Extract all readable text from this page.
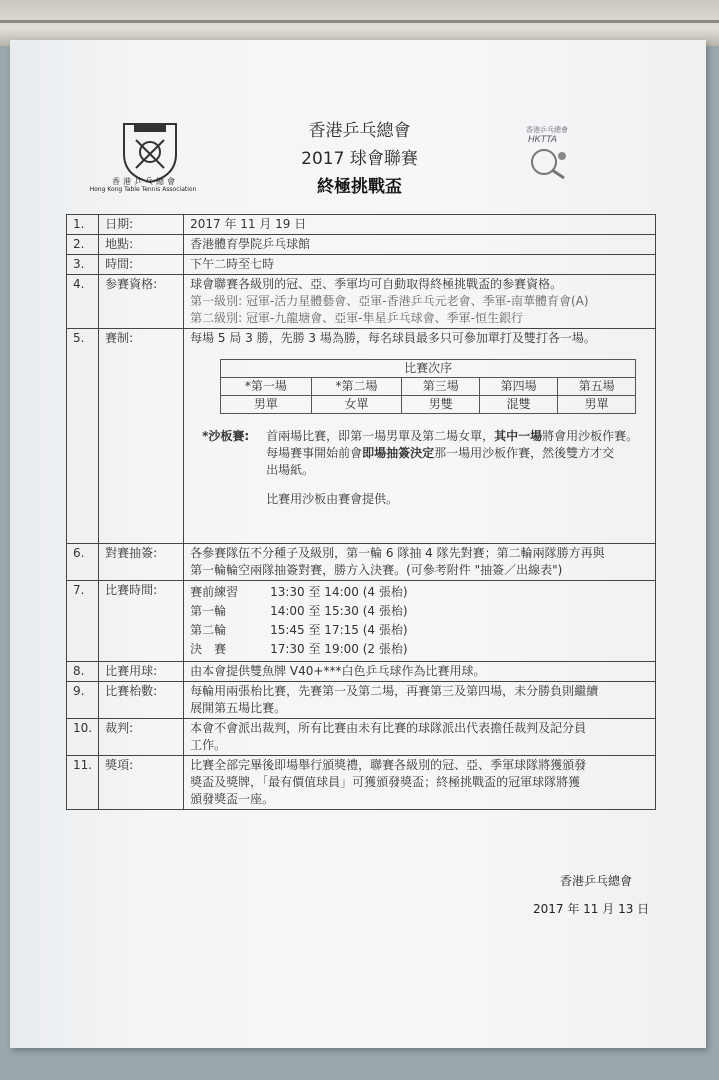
香港乒乓總會
Hong Kong Table Tennis Association
香港乒乓總會
HKTTA
香港乒乓總會
2017 球會聯賽
終極挑戰盃
1.	日期:	2017 年 11 月 19 日
2.	地點:	香港體育學院乒乓球館
3.	時間:	下午二時至七時
4.	参賽資格:	球會聯賽各級別的冠、亞、季軍均可自動取得終極挑戰盃的参賽資格。
第一級別: 冠軍-活力星體藝會、亞軍-香港乒乓元老會、季軍-南華體育會(A)
第二級別: 冠軍-九龍塘會、亞軍-隼星乒乓球會、季軍-恒生銀行

5.	賽制:	每場 5 局 3 勝，先勝 3 場為勝，每名球員最多只可參加單打及雙打各一場。
比賽次序
*第一場	*第二場	第三場	第四場	第五場
男單	女單	男雙	混雙	男單
*沙板賽:	首兩場比賽，即第一場男單及第二場女單，其中一場將會用沙板作賽。
每場賽事開始前會即場抽簽決定那一場用沙板作賽，然後雙方才交
出場紙。
比賽用沙板由賽會提供。

6.	對賽抽簽:	各參賽隊伍不分種子及級別，第一輪 6 隊抽 4 隊先對賽；第二輪兩隊勝方再與
第一輪輪空兩隊抽簽對賽，勝方入決賽。(可參考附件 "抽簽／出線表")

7.	比賽時間:	賽前練習	13:30 至 14:00 (4 張枱)
第一輪	14:00 至 15:30 (4 張枱)
第二輪	15:45 至 17:15 (4 張枱)
決　賽	17:30 至 19:00 (2 張枱)

8.	比賽用球:	由本會提供雙魚牌 V40+***白色乒乓球作為比賽用球。
9.	比賽枱數:	每輪用兩張枱比賽，先賽第一及第二場，再賽第三及第四場，未分勝負則繼續
展開第五場比賽。

10.	裁判:	本會不會派出裁判，所有比賽由未有比賽的球隊派出代表擔任裁判及記分員
工作。

11.	獎項:	比賽全部完畢後即場舉行頒獎禮，聯賽各級別的冠、亞、季軍球隊將獲頒發
獎盃及獎牌，「最有價值球員」可獲頒發獎盃；終極挑戰盃的冠軍球隊將獲
頒發獎盃一座。
香港乒乓總會
2017 年 11 月 13 日
